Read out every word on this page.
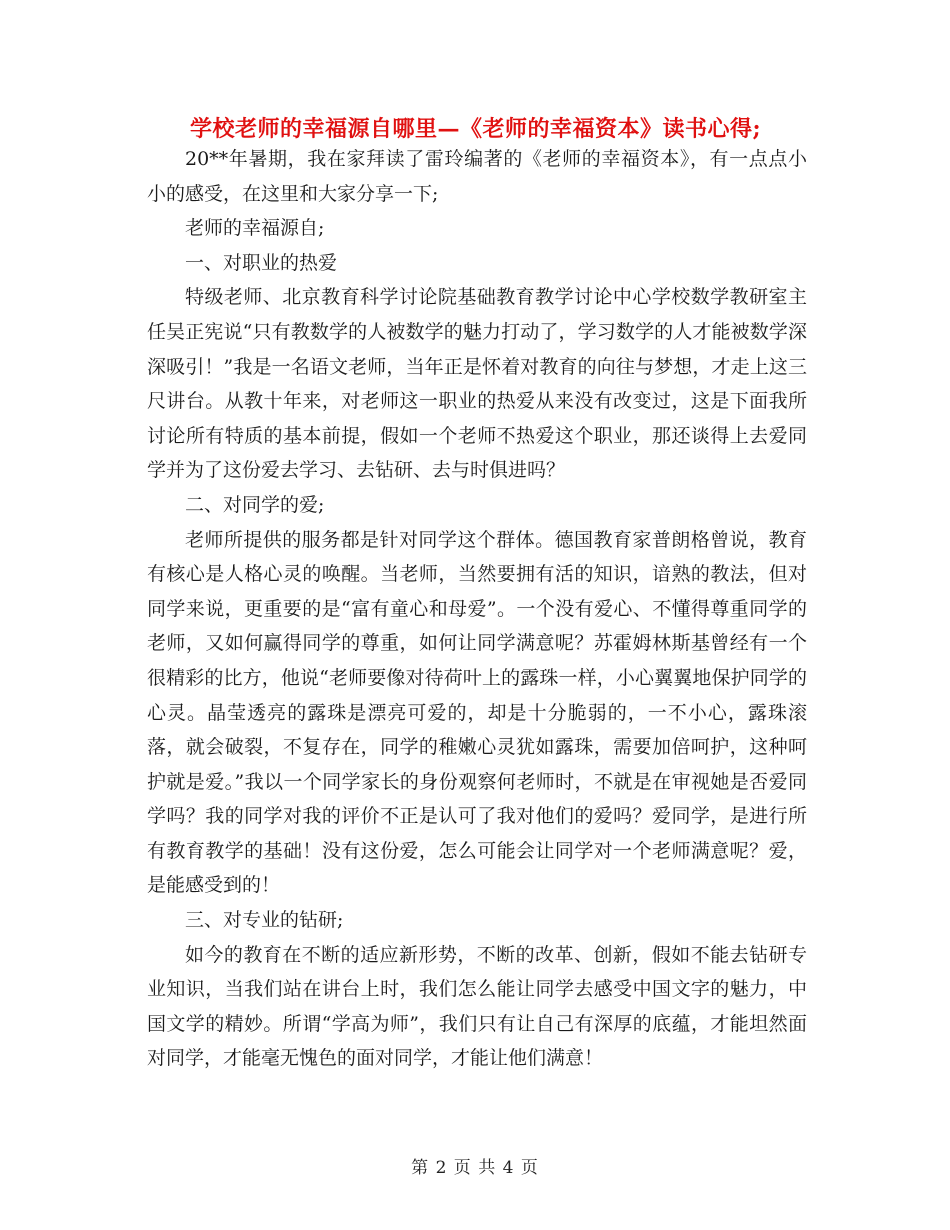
学校老师的幸福源自哪里—《老师的幸福资本》读书心得;

20**年暑期，我在家拜读了雷玲编著的《老师的幸福资本》，有一点点小小的感受，在这里和大家分享一下;

老师的幸福源自;

一、对职业的热爱

特级老师、北京教育科学讨论院基础教育教学讨论中心学校数学教研室主任吴正宪说“只有教数学的人被数学的魅力打动了，学习数学的人才能被数学深深吸引！”我是一名语文老师，当年正是怀着对教育的向往与梦想，才走上这三尺讲台。从教十年来，对老师这一职业的热爱从来没有改变过，这是下面我所讨论所有特质的基本前提，假如一个老师不热爱这个职业，那还谈得上去爱同学并为了这份爱去学习、去钻研、去与时俱进吗？

二、对同学的爱;

老师所提供的服务都是针对同学这个群体。德国教育家普朗格曾说，教育有核心是人格心灵的唤醒。当老师，当然要拥有活的知识，谙熟的教法，但对同学来说，更重要的是“富有童心和母爱”。一个没有爱心、不懂得尊重同学的老师，又如何赢得同学的尊重，如何让同学满意呢？苏霍姆林斯基曾经有一个很精彩的比方，他说“老师要像对待荷叶上的露珠一样，小心翼翼地保护同学的心灵。晶莹透亮的露珠是漂亮可爱的，却是十分脆弱的，一不小心，露珠滚落，就会破裂，不复存在，同学的稚嫩心灵犹如露珠，需要加倍呵护，这种呵护就是爱。”我以一个同学家长的身份观察何老师时，不就是在审视她是否爱同学吗？我的同学对我的评价不正是认可了我对他们的爱吗？爱同学，是进行所有教育教学的基础！没有这份爱，怎么可能会让同学对一个老师满意呢？爱，是能感受到的！

三、对专业的钻研;

如今的教育在不断的适应新形势，不断的改革、创新，假如不能去钻研专业知识，当我们站在讲台上时，我们怎么能让同学去感受中国文字的魅力，中国文学的精妙。所谓“学高为师”，我们只有让自己有深厚的底蕴，才能坦然面对同学，才能毫无愧色的面对同学，才能让他们满意！

第 2 页 共 4 页
